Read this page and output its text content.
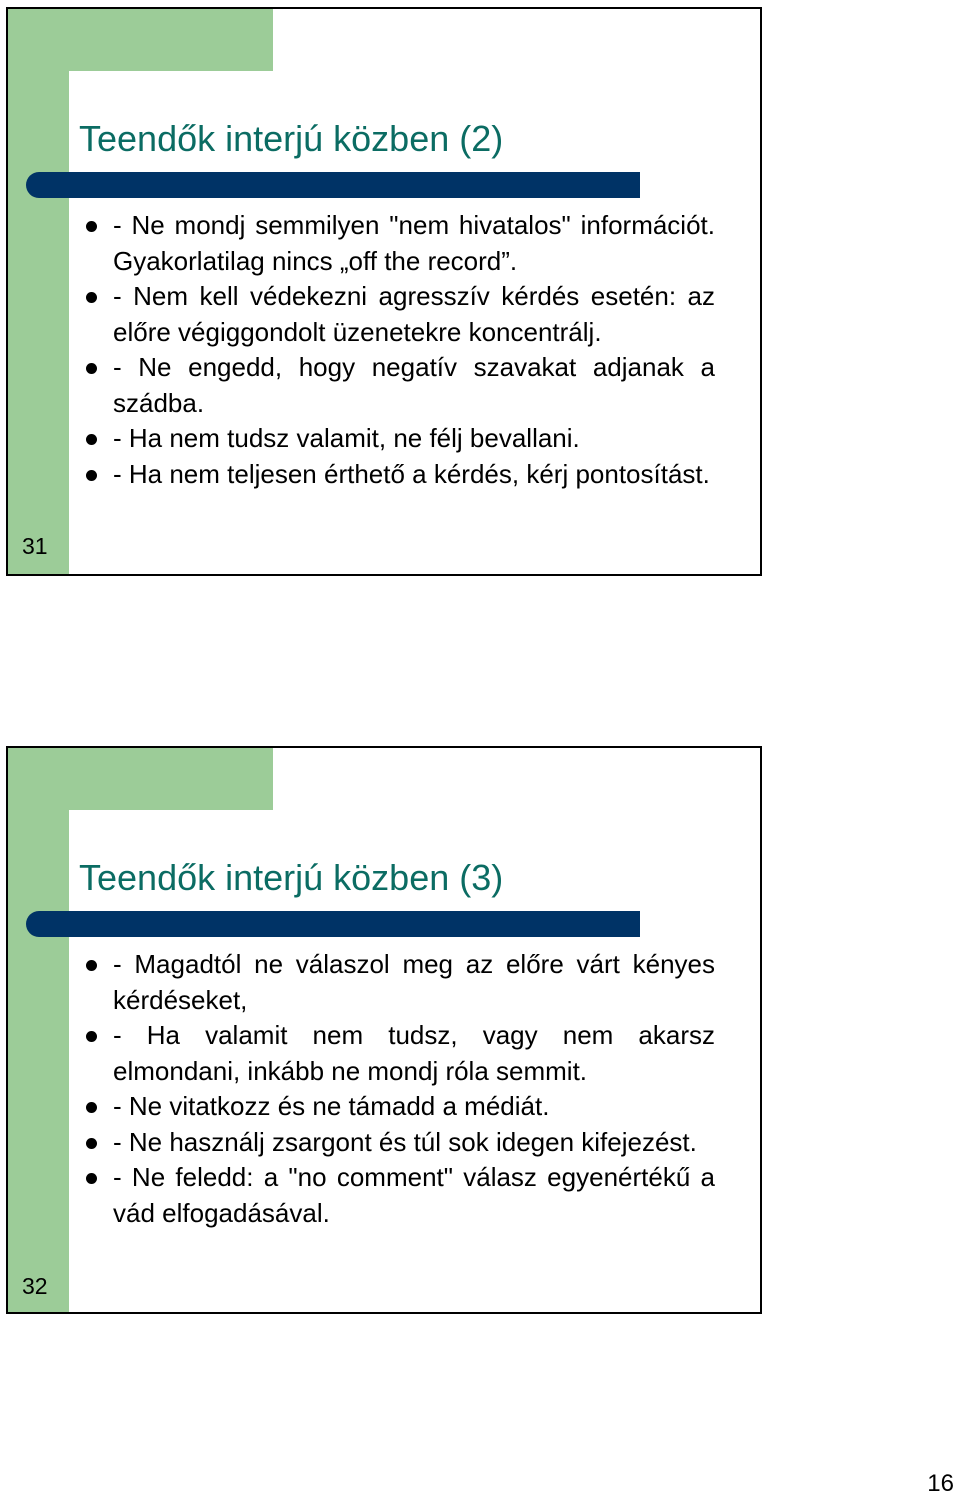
Teendők interjú közben (2)
- Ne mondj semmilyen "nem hivatalos" információt. Gyakorlatilag nincs „off the record”.
- Nem kell védekezni agresszív kérdés esetén: az előre végiggondolt üzenetekre koncentrálj.
- Ne engedd, hogy negatív szavakat adjanak a szádba.
- Ha nem tudsz valamit, ne félj bevallani.
- Ha nem teljesen érthető a kérdés, kérj pontosítást.
31
Teendők interjú közben (3)
- Magadtól ne válaszol meg az előre várt kényes kérdéseket,
- Ha valamit nem tudsz, vagy nem akarsz elmondani, inkább ne mondj róla semmit.
- Ne vitatkozz és ne támadd a médiát.
- Ne használj zsargont és túl sok idegen kifejezést.
- Ne feledd: a "no comment" válasz egyenértékű a vád elfogadásával.
32
16
